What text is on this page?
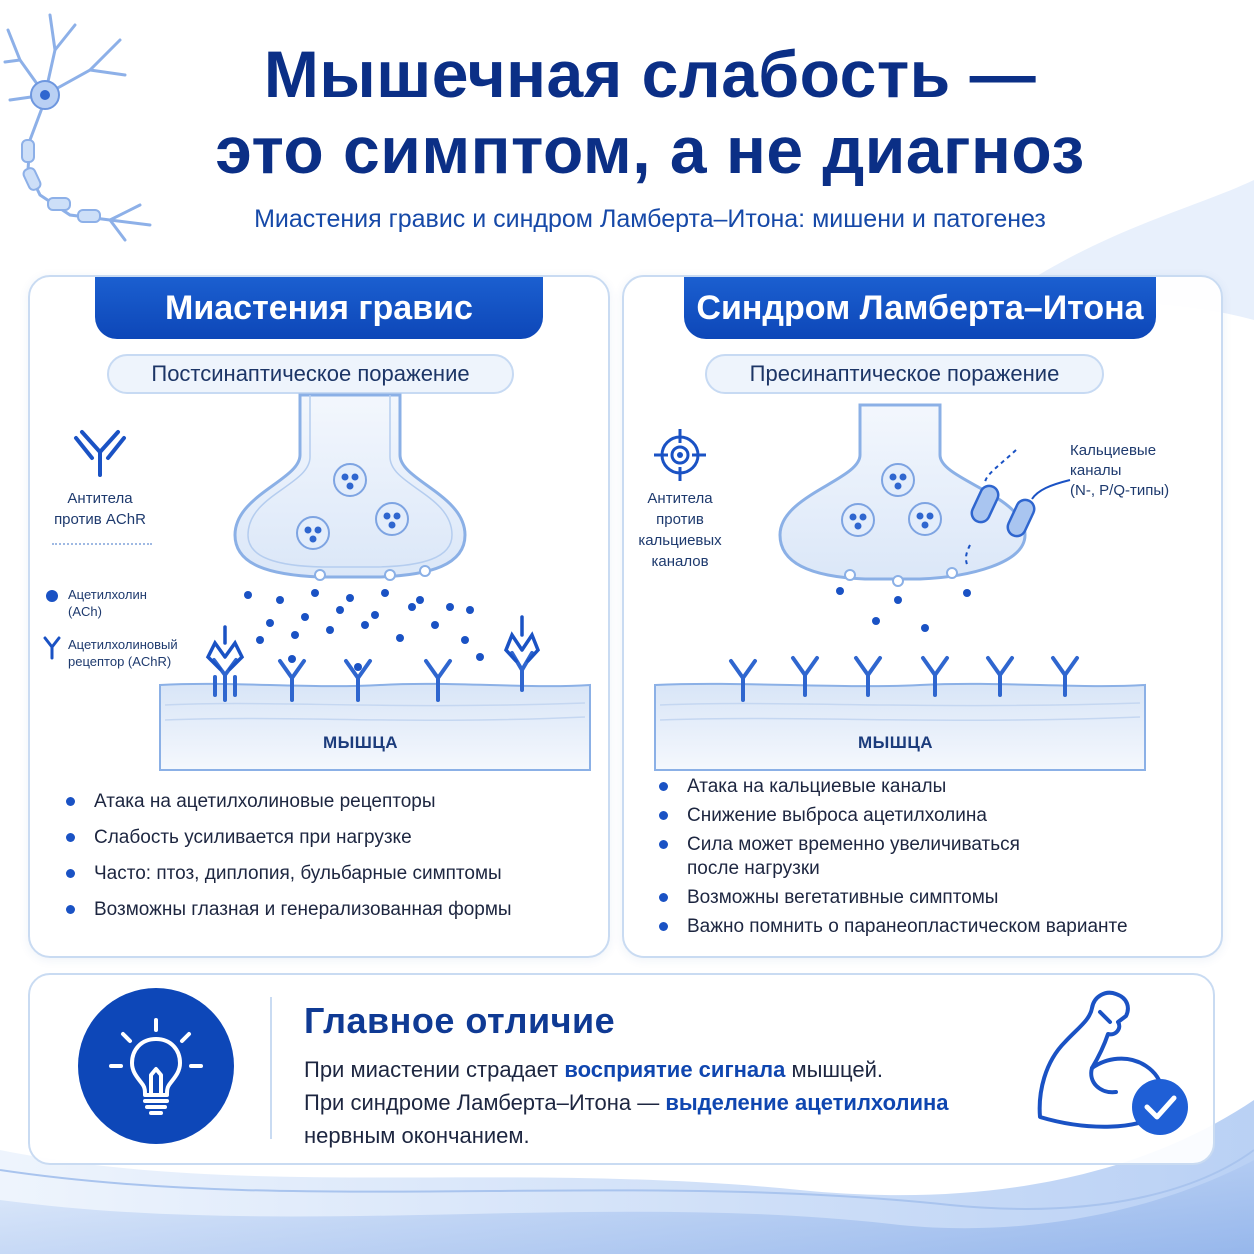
Мышечная слабость —
это симптом, а не диагноз
Миастения гравис и синдром Ламберта–Итона: мишени и патогенез
Миастения гравис
Постсинаптическое поражение
Антитела
против AChR
Ацетилхолин
(ACh)
Ацетилхолиновый
рецептор (AChR)
МЫШЦА
Атака на ацетилхолиновые рецепторы
Слабость усиливается при нагрузке
Часто: птоз, диплопия, бульбарные симптомы
Возможны глазная и генерализованная формы
Синдром Ламберта–Итона
Пресинаптическое поражение
Антитела
против
кальциевых
каналов
Кальциевые
каналы
(N-, P/Q-типы)
МЫШЦА
Атака на кальциевые каналы
Снижение выброса ацетилхолина
Сила может временно увеличиваться после нагрузки
Возможны вегетативные симптомы
Важно помнить о паранеопластическом варианте
Главное отличие
При миастении страдает восприятие сигнала мышцей.
При синдроме Ламберта–Итона — выделение ацетилхолина
нервным окончанием.
